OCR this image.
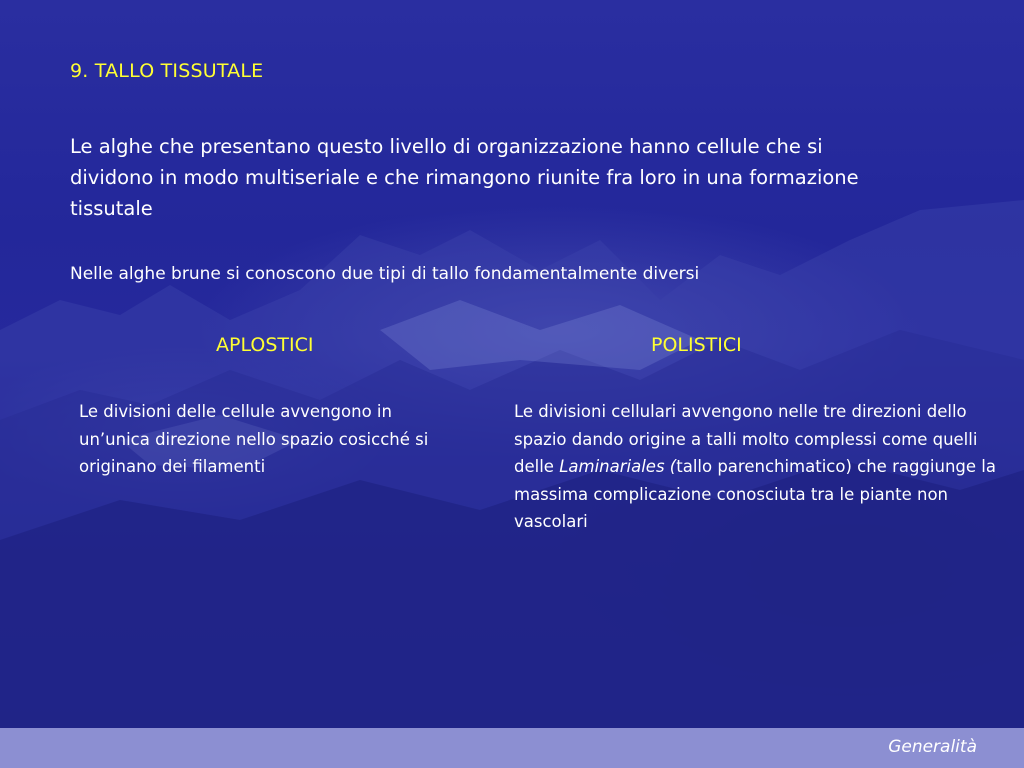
9. TALLO TISSUTALE

Le alghe che presentano questo livello di organizzazione hanno cellule che si dividono in modo multiseriale e che rimangono riunite fra loro in una formazione tissutale

Nelle alghe brune si conoscono due tipi di tallo fondamentalmente diversi

APLOSTICI	POLISTICI

Le divisioni delle cellule avvengono in un’unica direzione nello spazio cosicché si originano dei filamenti

Le divisioni cellulari avvengono nelle tre direzioni dello spazio dando origine a talli molto complessi come quelli delle Laminariales (tallo parenchimatico) che raggiunge la massima complicazione conosciuta tra le piante non vascolari

Generalità
